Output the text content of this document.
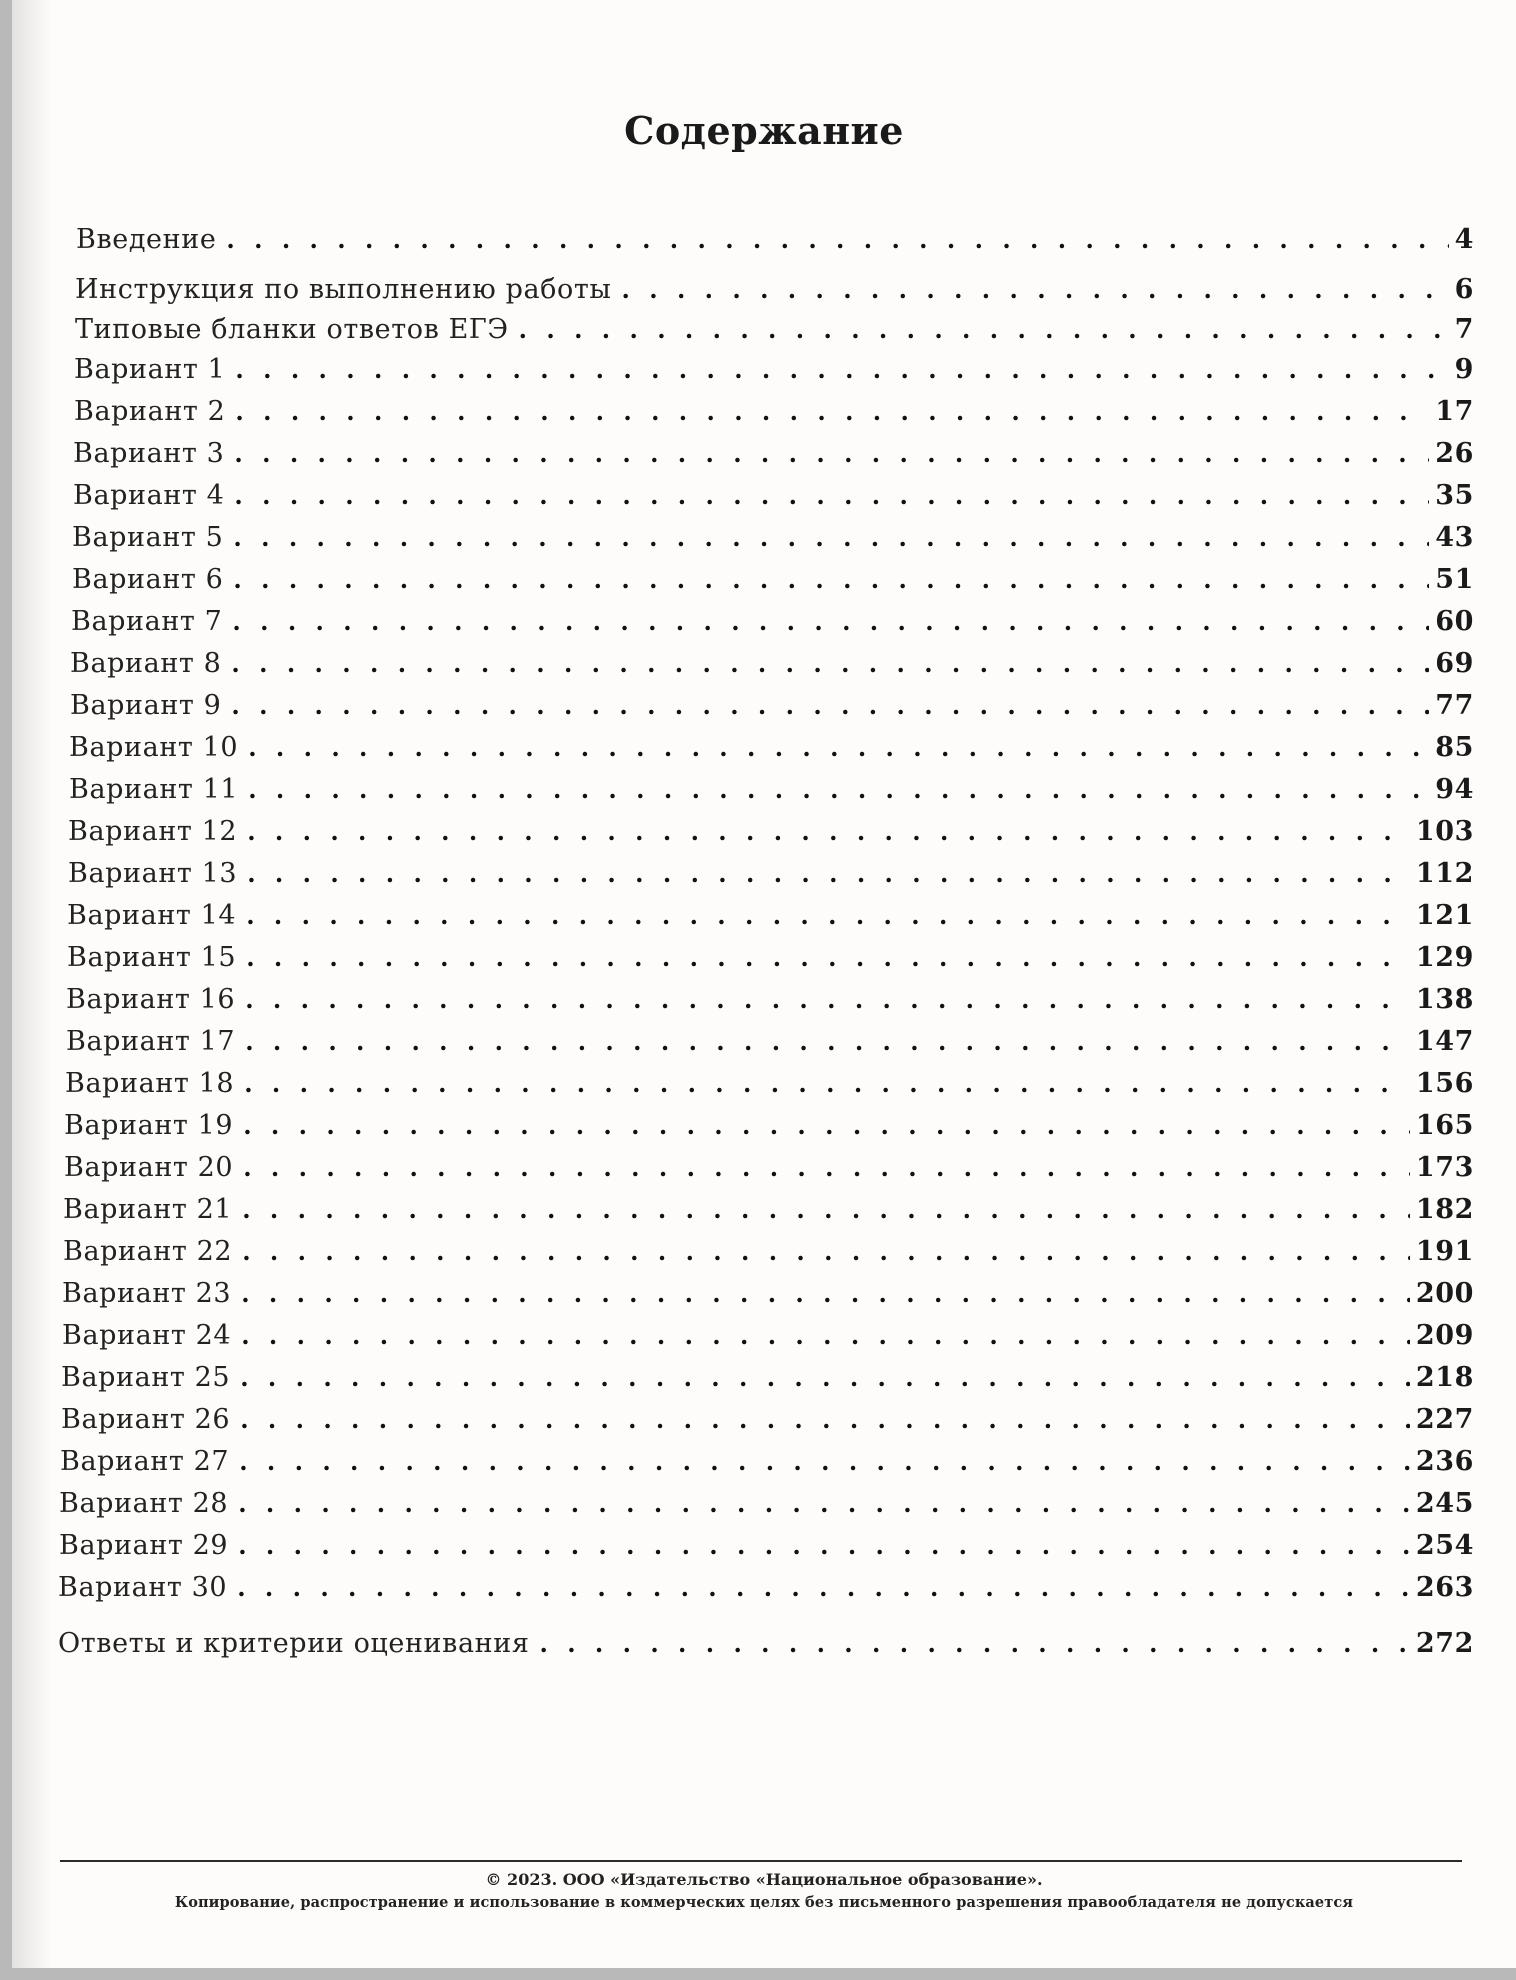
Содержание
Введение . . .	4
Инструкция по выполнению работы . . .	6
Типовые бланки ответов ЕГЭ . . .	7
Вариант 1 . . .	9
Вариант 2 . . .	17
Вариант 3 . . .	26
Вариант 4 . . .	35
Вариант 5 . . .	43
Вариант 6 . . .	51
Вариант 7 . . .	60
Вариант 8 . . .	69
Вариант 9 . . .	77
Вариант 10 . . .	85
Вариант 11 . . .	94
Вариант 12 . . .	103
Вариант 13 . . .	112
Вариант 14 . . .	121
Вариант 15 . . .	129
Вариант 16 . . .	138
Вариант 17 . . .	147
Вариант 18 . . .	156
Вариант 19 . . .	165
Вариант 20 . . .	173
Вариант 21 . . .	182
Вариант 22 . . .	191
Вариант 23 . . .	200
Вариант 24 . . .	209
Вариант 25 . . .	218
Вариант 26 . . .	227
Вариант 27 . . .	236
Вариант 28 . . .	245
Вариант 29 . . .	254
Вариант 30 . . .	263
Ответы и критерии оценивания . . .	272
© 2023. ООО «Издательство «Национальное образование».
Копирование, распространение и использование в коммерческих целях без письменного разрешения правообладателя не допускается
